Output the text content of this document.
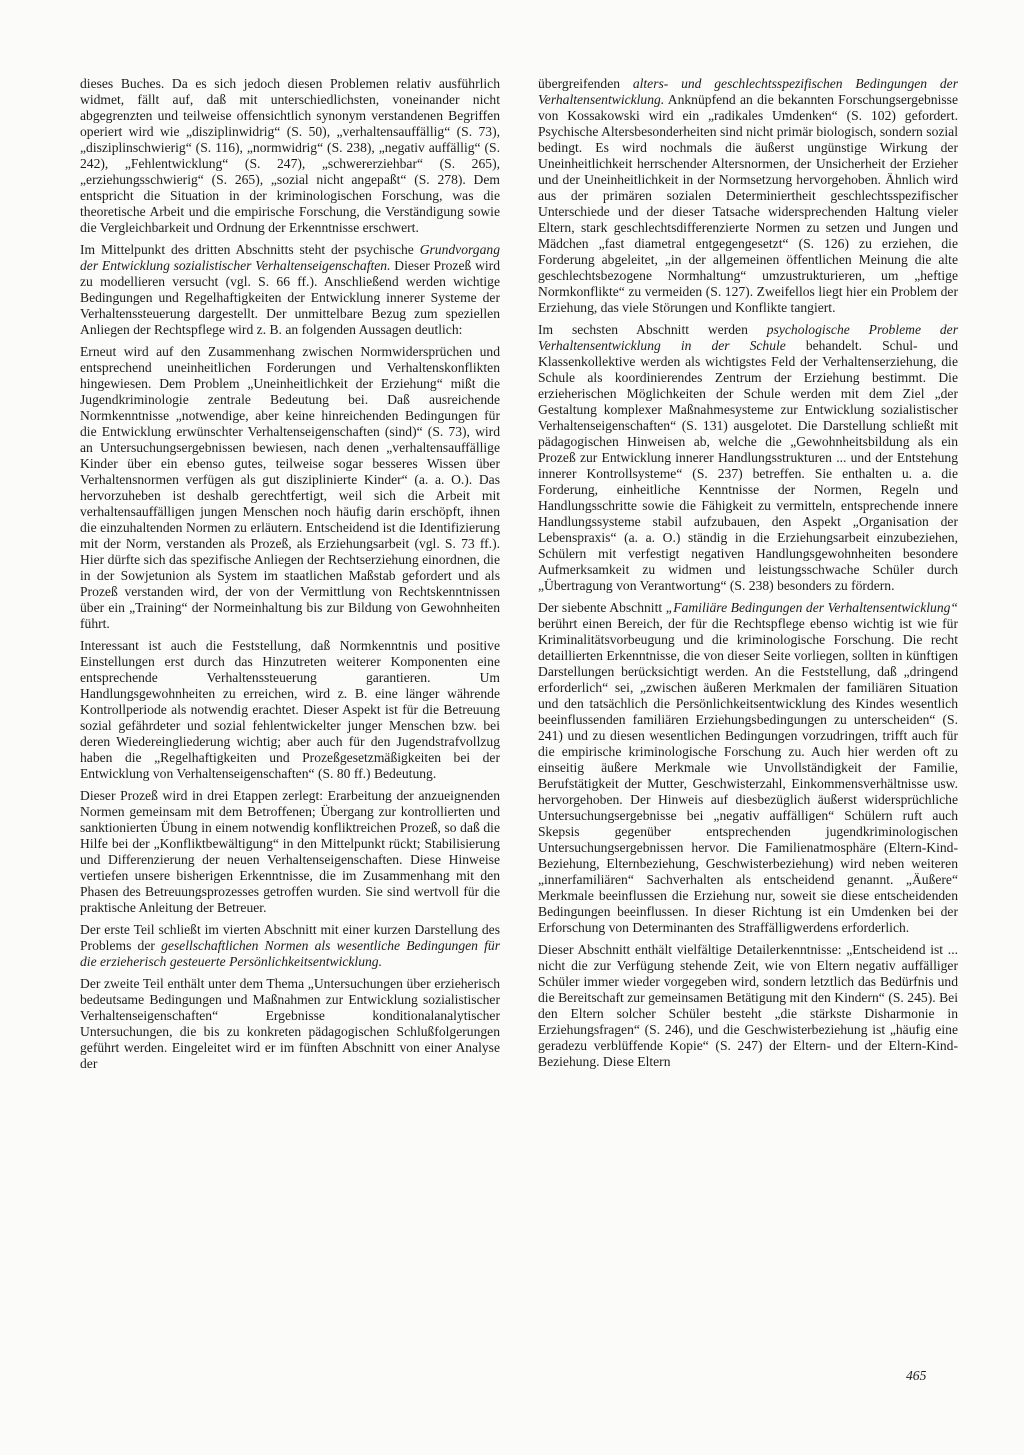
dieses Buches. Da es sich jedoch diesen Problemen relativ ausführlich widmet, fällt auf, daß mit unterschiedlichsten, voneinander nicht abgegrenzten und teilweise offensichtlich synonym verstandenen Begriffen operiert wird wie „disziplinwidrig“ (S. 50), „verhaltensauffällig“ (S. 73), „disziplinschwierig“ (S. 116), „normwidrig“ (S. 238), „negativ auffällig“ (S. 242), „Fehlentwicklung“ (S. 247), „schwererziehbar“ (S. 265), „erziehungsschwierig“ (S. 265), „sozial nicht angepaßt“ (S. 278). Dem entspricht die Situation in der kriminologischen Forschung, was die theoretische Arbeit und die empirische Forschung, die Verständigung sowie die Vergleichbarkeit und Ordnung der Erkenntnisse erschwert.

Im Mittelpunkt des dritten Abschnitts steht der psychische Grundvorgang der Entwicklung sozialistischer Verhaltenseigenschaften. Dieser Prozeß wird zu modellieren versucht (vgl. S. 66 ff.). Anschließend werden wichtige Bedingungen und Regelhaftigkeiten der Entwicklung innerer Systeme der Verhaltenssteuerung dargestellt. Der unmittelbare Bezug zum speziellen Anliegen der Rechtspflege wird z. B. an folgenden Aussagen deutlich:

Erneut wird auf den Zusammenhang zwischen Normwidersprüchen und entsprechend uneinheitlichen Forderungen und Verhaltenskonflikten hingewiesen. Dem Problem „Uneinheitlichkeit der Erziehung“ mißt die Jugendkriminologie zentrale Bedeutung bei. Daß ausreichende Normkenntnisse „notwendige, aber keine hinreichenden Bedingungen für die Entwicklung erwünschter Verhaltenseigenschaften (sind)“ (S. 73), wird an Untersuchungsergebnissen bewiesen, nach denen „verhaltensauffällige Kinder über ein ebenso gutes, teilweise sogar besseres Wissen über Verhaltensnormen verfügen als gut disziplinierte Kinder“ (a. a. O.). Das hervorzuheben ist deshalb gerechtfertigt, weil sich die Arbeit mit verhaltensauffälligen jungen Menschen noch häufig darin erschöpft, ihnen die einzuhaltenden Normen zu erläutern. Entscheidend ist die Identifizierung mit der Norm, verstanden als Prozeß, als Erziehungsarbeit (vgl. S. 73 ff.). Hier dürfte sich das spezifische Anliegen der Rechtserziehung einordnen, die in der Sowjetunion als System im staatlichen Maßstab gefordert und als Prozeß verstanden wird, der von der Vermittlung von Rechtskenntnissen über ein „Training“ der Normeinhaltung bis zur Bildung von Gewohnheiten führt.

Interessant ist auch die Feststellung, daß Normkenntnis und positive Einstellungen erst durch das Hinzutreten weiterer Komponenten eine entsprechende Verhaltenssteuerung garantieren. Um Handlungsgewohnheiten zu erreichen, wird z. B. eine länger währende Kontrollperiode als notwendig erachtet. Dieser Aspekt ist für die Betreuung sozial gefährdeter und sozial fehlentwickelter junger Menschen bzw. bei deren Wiedereingliederung wichtig; aber auch für den Jugendstrafvollzug haben die „Regelhaftigkeiten und Prozeßgesetzmäßigkeiten bei der Entwicklung von Verhaltenseigenschaften“ (S. 80 ff.) Bedeutung.

Dieser Prozeß wird in drei Etappen zerlegt: Erarbeitung der anzueignenden Normen gemeinsam mit dem Betroffenen; Übergang zur kontrollierten und sanktionierten Übung in einem notwendig konfliktreichen Prozeß, so daß die Hilfe bei der „Konfliktbewältigung“ in den Mittelpunkt rückt; Stabilisierung und Differenzierung der neuen Verhaltenseigenschaften. Diese Hinweise vertiefen unsere bisherigen Erkenntnisse, die im Zusammenhang mit den Phasen des Betreuungsprozesses getroffen wurden. Sie sind wertvoll für die praktische Anleitung der Betreuer.

Der erste Teil schließt im vierten Abschnitt mit einer kurzen Darstellung des Problems der gesellschaftlichen Normen als wesentliche Bedingungen für die erzieherisch gesteuerte Persönlichkeitsentwicklung.

Der zweite Teil enthält unter dem Thema „Untersuchungen über erzieherisch bedeutsame Bedingungen und Maßnahmen zur Entwicklung sozialistischer Verhaltenseigenschaften“ Ergebnisse konditionalanalytischer Untersuchungen, die bis zu konkreten pädagogischen Schlußfolgerungen geführt werden. Eingeleitet wird er im fünften Abschnitt von einer Analyse der

übergreifenden alters- und geschlechtsspezifischen Bedingungen der Verhaltensentwicklung. Anknüpfend an die bekannten Forschungsergebnisse von Kossakowski wird ein „radikales Umdenken“ (S. 102) gefordert. Psychische Altersbesonderheiten sind nicht primär biologisch, sondern sozial bedingt. Es wird nochmals die äußerst ungünstige Wirkung der Uneinheitlichkeit herrschender Altersnormen, der Unsicherheit der Erzieher und der Uneinheitlichkeit in der Normsetzung hervorgehoben. Ähnlich wird aus der primären sozialen Determiniertheit geschlechtsspezifischer Unterschiede und der dieser Tatsache widersprechenden Haltung vieler Eltern, stark geschlechtsdifferenzierte Normen zu setzen und Jungen und Mädchen „fast diametral entgegengesetzt“ (S. 126) zu erziehen, die Forderung abgeleitet, „in der allgemeinen öffentlichen Meinung die alte geschlechtsbezogene Normhaltung“ umzustrukturieren, um „heftige Normkonflikte“ zu vermeiden (S. 127). Zweifellos liegt hier ein Problem der Erziehung, das viele Störungen und Konflikte tangiert.

Im sechsten Abschnitt werden psychologische Probleme der Verhaltensentwicklung in der Schule behandelt. Schul- und Klassenkollektive werden als wichtigstes Feld der Verhaltenserziehung, die Schule als koordinierendes Zentrum der Erziehung bestimmt. Die erzieherischen Möglichkeiten der Schule werden mit dem Ziel „der Gestaltung komplexer Maßnahmesysteme zur Entwicklung sozialistischer Verhaltenseigenschaften“ (S. 131) ausgelotet. Die Darstellung schließt mit pädagogischen Hinweisen ab, welche die „Gewohnheitsbildung als ein Prozeß zur Entwicklung innerer Handlungsstrukturen ... und der Entstehung innerer Kontrollsysteme“ (S. 237) betreffen. Sie enthalten u. a. die Forderung, einheitliche Kenntnisse der Normen, Regeln und Handlungsschritte sowie die Fähigkeit zu vermitteln, entsprechende innere Handlungssysteme stabil aufzubauen, den Aspekt „Organisation der Lebenspraxis“ (a. a. O.) ständig in die Erziehungsarbeit einzubeziehen, Schülern mit verfestigt negativen Handlungsgewohnheiten besondere Aufmerksamkeit zu widmen und leistungsschwache Schüler durch „Übertragung von Verantwortung“ (S. 238) besonders zu fördern.

Der siebente Abschnitt „Familiäre Bedingungen der Verhaltensentwicklung“ berührt einen Bereich, der für die Rechtspflege ebenso wichtig ist wie für Kriminalitätsvorbeugung und die kriminologische Forschung. Die recht detaillierten Erkenntnisse, die von dieser Seite vorliegen, sollten in künftigen Darstellungen berücksichtigt werden. An die Feststellung, daß „dringend erforderlich“ sei, „zwischen äußeren Merkmalen der familiären Situation und den tatsächlich die Persönlichkeitsentwicklung des Kindes wesentlich beeinflussenden familiären Erziehungsbedingungen zu unterscheiden“ (S. 241) und zu diesen wesentlichen Bedingungen vorzudringen, trifft auch für die empirische kriminologische Forschung zu. Auch hier werden oft zu einseitig äußere Merkmale wie Unvollständigkeit der Familie, Berufstätigkeit der Mutter, Geschwisterzahl, Einkommensverhältnisse usw. hervorgehoben. Der Hinweis auf diesbezüglich äußerst widersprüchliche Untersuchungsergebnisse bei „negativ auffälligen“ Schülern ruft auch Skepsis gegenüber entsprechenden jugendkriminologischen Untersuchungsergebnissen hervor. Die Familienatmosphäre (Eltern-Kind-Beziehung, Elternbeziehung, Geschwisterbeziehung) wird neben weiteren „innerfamiliären“ Sachverhalten als entscheidend genannt. „Äußere“ Merkmale beeinflussen die Erziehung nur, soweit sie diese entscheidenden Bedingungen beeinflussen. In dieser Richtung ist ein Umdenken bei der Erforschung von Determinanten des Straffälligwerdens erforderlich.

Dieser Abschnitt enthält vielfältige Detailerkenntnisse: „Entscheidend ist ... nicht die zur Verfügung stehende Zeit, wie von Eltern negativ auffälliger Schüler immer wieder vorgegeben wird, sondern letztlich das Bedürfnis und die Bereitschaft zur gemeinsamen Betätigung mit den Kindern“ (S. 245). Bei den Eltern solcher Schüler besteht „die stärkste Disharmonie in Erziehungsfragen“ (S. 246), und die Geschwisterbeziehung ist „häufig eine geradezu verblüffende Kopie“ (S. 247) der Eltern- und der Eltern-Kind-Beziehung. Diese Eltern

465
